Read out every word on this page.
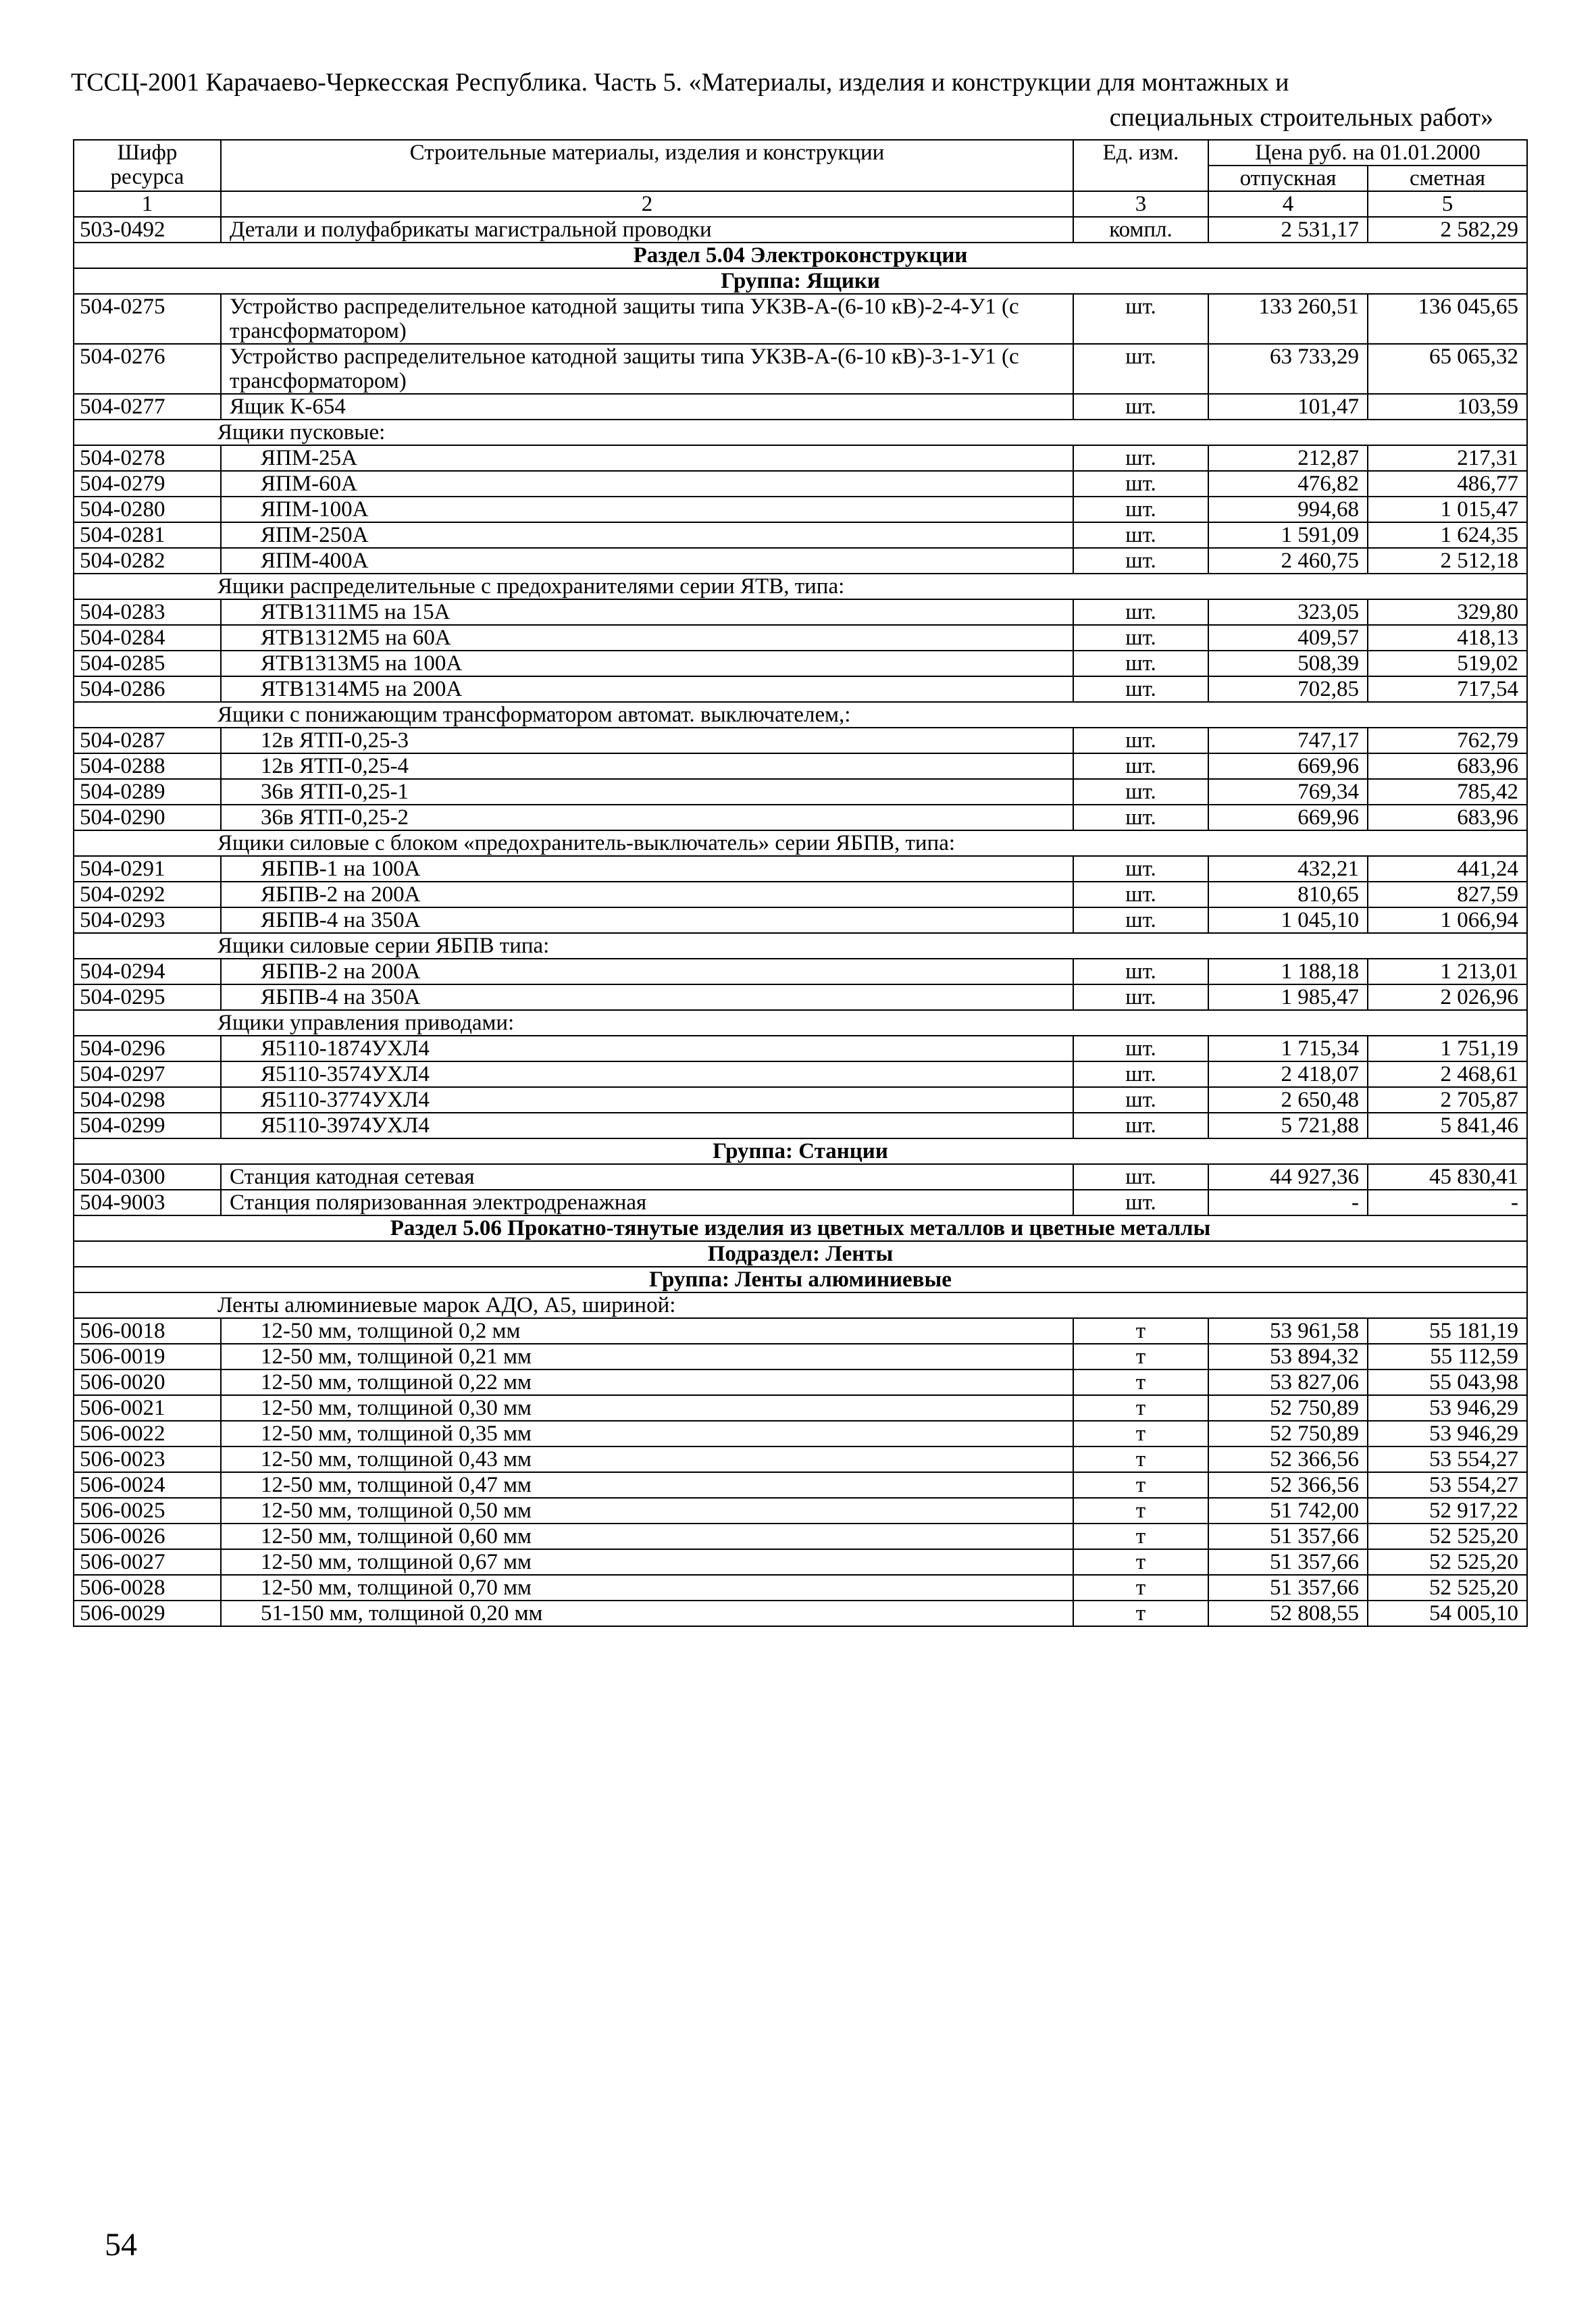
ТССЦ-2001 Карачаево-Черкесская Республика. Часть 5. «Материалы, изделия и конструкции для монтажных и
специальных строительных работ»
Шифр ресурса	Строительные материалы, изделия и конструкции	Ед. изм.	Цена руб. на 01.01.2000	
			отпускная	сметная
1	2	3	4	5
503-0492	Детали и полуфабрикаты магистральной проводки	компл.	2 531,17	2 582,29
Раздел 5.04 Электроконструкции				
Группа: Ящики				
504-0275	Устройство распределительное катодной защиты типа УКЗВ-А-(6-10 кВ)-2-4-У1 (с трансформатором)	шт.	133 260,51	136 045,65
504-0276	Устройство распределительное катодной защиты типа УКЗВ-А-(6-10 кВ)-3-1-У1 (с трансформатором)	шт.	63 733,29	65 065,32
504-0277	Ящик К-654	шт.	101,47	103,59
Ящики пусковые:				
504-0278	ЯПМ-25А	шт.	212,87	217,31
504-0279	ЯПМ-60А	шт.	476,82	486,77
504-0280	ЯПМ-100А	шт.	994,68	1 015,47
504-0281	ЯПМ-250А	шт.	1 591,09	1 624,35
504-0282	ЯПМ-400А	шт.	2 460,75	2 512,18
Ящики распределительные с предохранителями серии ЯТВ, типа:				
504-0283	ЯТВ1311М5 на 15А	шт.	323,05	329,80
504-0284	ЯТВ1312М5 на 60А	шт.	409,57	418,13
504-0285	ЯТВ1313М5 на 100А	шт.	508,39	519,02
504-0286	ЯТВ1314М5 на 200А	шт.	702,85	717,54
Ящики с понижающим трансформатором автомат. выключателем,:				
504-0287	12в ЯТП-0,25-3	шт.	747,17	762,79
504-0288	12в ЯТП-0,25-4	шт.	669,96	683,96
504-0289	36в ЯТП-0,25-1	шт.	769,34	785,42
504-0290	36в ЯТП-0,25-2	шт.	669,96	683,96
Ящики силовые с блоком «предохранитель-выключатель» серии ЯБПВ, типа:				
504-0291	ЯБПВ-1 на 100А	шт.	432,21	441,24
504-0292	ЯБПВ-2 на 200А	шт.	810,65	827,59
504-0293	ЯБПВ-4 на 350А	шт.	1 045,10	1 066,94
Ящики силовые серии ЯБПВ типа:				
504-0294	ЯБПВ-2 на 200А	шт.	1 188,18	1 213,01
504-0295	ЯБПВ-4 на 350А	шт.	1 985,47	2 026,96
Ящики управления приводами:				
504-0296	Я5110-1874УХЛ4	шт.	1 715,34	1 751,19
504-0297	Я5110-3574УХЛ4	шт.	2 418,07	2 468,61
504-0298	Я5110-3774УХЛ4	шт.	2 650,48	2 705,87
504-0299	Я5110-3974УХЛ4	шт.	5 721,88	5 841,46
Группа: Станции				
504-0300	Станция катодная сетевая	шт.	44 927,36	45 830,41
504-9003	Станция поляризованная электродренажная	шт.	-	-
Раздел 5.06 Прокатно-тянутые изделия из цветных металлов и цветные металлы				
Подраздел: Ленты				
Группа: Ленты алюминиевые				
Ленты алюминиевые марок АДО, А5, шириной:				
506-0018	12-50 мм, толщиной 0,2 мм	т	53 961,58	55 181,19
506-0019	12-50 мм, толщиной 0,21 мм	т	53 894,32	55 112,59
506-0020	12-50 мм, толщиной 0,22 мм	т	53 827,06	55 043,98
506-0021	12-50 мм, толщиной 0,30 мм	т	52 750,89	53 946,29
506-0022	12-50 мм, толщиной 0,35 мм	т	52 750,89	53 946,29
506-0023	12-50 мм, толщиной 0,43 мм	т	52 366,56	53 554,27
506-0024	12-50 мм, толщиной 0,47 мм	т	52 366,56	53 554,27
506-0025	12-50 мм, толщиной 0,50 мм	т	51 742,00	52 917,22
506-0026	12-50 мм, толщиной 0,60 мм	т	51 357,66	52 525,20
506-0027	12-50 мм, толщиной 0,67 мм	т	51 357,66	52 525,20
506-0028	12-50 мм, толщиной 0,70 мм	т	51 357,66	52 525,20
506-0029	51-150 мм, толщиной 0,20 мм	т	52 808,55	54 005,10
54
